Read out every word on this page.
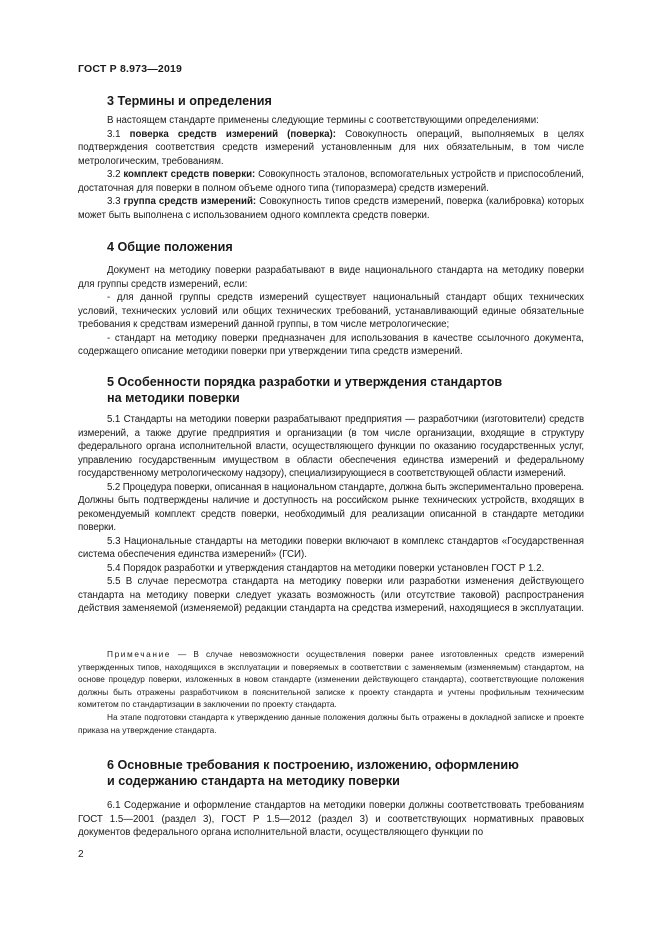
ГОСТ Р 8.973—2019
3 Термины и определения

В настоящем стандарте применены следующие термины с соответствующими определениями:

3.1 поверка средств измерений (поверка): Совокупность операций, выполняемых в целях подтверждения соответствия средств измерений установленным для них обязательным, в том числе метрологическим, требованиям.

3.2 комплект средств поверки: Совокупность эталонов, вспомогательных устройств и приспособлений, достаточная для поверки в полном объеме одного типа (типоразмера) средств измерений.

3.3 группа средств измерений: Совокупность типов средств измерений, поверка (калибровка) которых может быть выполнена с использованием одного комплекта средств поверки.

4 Общие положения

Документ на методику поверки разрабатывают в виде национального стандарта на методику поверки для группы средств измерений, если:

- для данной группы средств измерений существует национальный стандарт общих технических условий, технических условий или общих технических требований, устанавливающий единые обязательные требования к средствам измерений данной группы, в том числе метрологические;

- стандарт на методику поверки предназначен для использования в качестве ссылочного документа, содержащего описание методики поверки при утверждении типа средств измерений.

5 Особенности порядка разработки и утверждения стандартов
на методики поверки

5.1 Стандарты на методики поверки разрабатывают предприятия — разработчики (изготовители) средств измерений, а также другие предприятия и организации (в том числе организации, входящие в структуру федерального органа исполнительной власти, осуществляющего функции по оказанию государственных услуг, управлению государственным имуществом в области обеспечения единства измерений и федеральному государственному метрологическому надзору), специализирующиеся в соответствующей области измерений.

5.2 Процедура поверки, описанная в национальном стандарте, должна быть экспериментально проверена. Должны быть подтверждены наличие и доступность на российском рынке технических устройств, входящих в рекомендуемый комплект средств поверки, необходимый для реализации описанной в стандарте методики поверки.

5.3 Национальные стандарты на методики поверки включают в комплекс стандартов «Государственная система обеспечения единства измерений» (ГСИ).

5.4 Порядок разработки и утверждения стандартов на методики поверки установлен ГОСТ Р 1.2.

5.5 В случае пересмотра стандарта на методику поверки или разработки изменения действующего стандарта на методику поверки следует указать возможность (или отсутствие таковой) распространения действия заменяемой (изменяемой) редакции стандарта на средства измерений, находящиеся в эксплуатации.

Примечание — В случае невозможности осуществления поверки ранее изготовленных средств измерений утвержденных типов, находящихся в эксплуатации и поверяемых в соответствии с заменяемым (изменяемым) стандартом, на основе процедур поверки, изложенных в новом стандарте (изменении действующего стандарта), соответствующие положения должны быть отражены разработчиком в пояснительной записке к проекту стандарта и учтены профильным техническим комитетом по стандартизации в заключении по проекту стандарта.

На этапе подготовки стандарта к утверждению данные положения должны быть отражены в докладной записке и проекте приказа на утверждение стандарта.

6 Основные требования к построению, изложению, оформлению
и содержанию стандарта на методику поверки

6.1 Содержание и оформление стандартов на методики поверки должны соответствовать требованиям ГОСТ 1.5—2001 (раздел 3), ГОСТ Р 1.5—2012 (раздел 3) и соответствующих нормативных правовых документов федерального органа исполнительной власти, осуществляющего функции по

2
